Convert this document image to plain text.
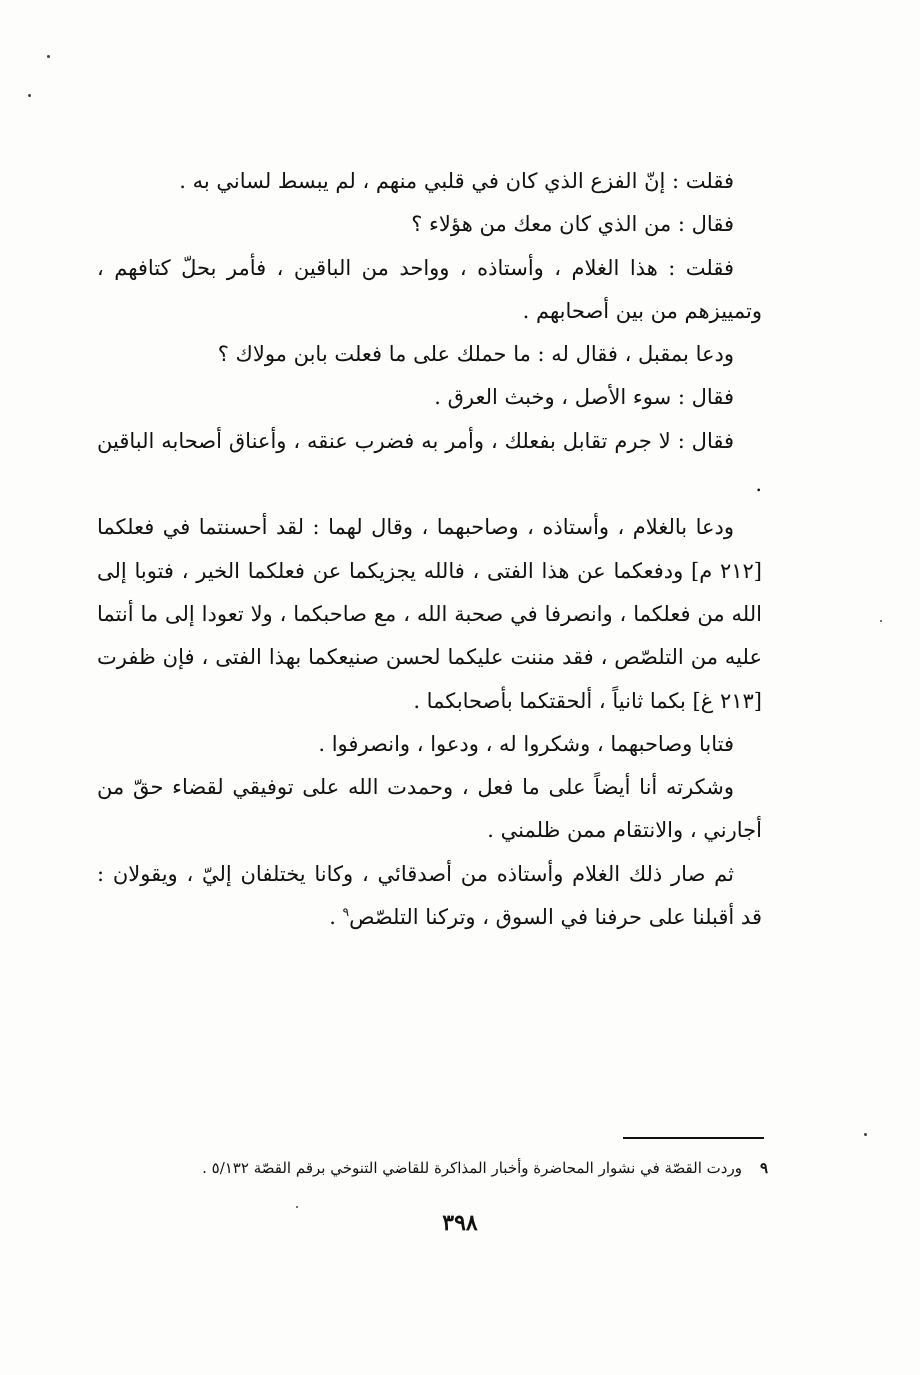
فقلت : إنّ الفزع الذي كان في قلبي منهم ، لم يبسط لساني به .

فقال : من الذي كان معك من هؤلاء ؟

فقلت : هذا الغلام ، وأستاذه ، وواحد من الباقين ، فأمر بحلّ كتافهم ، وتمييزهم من بين أصحابهم .

ودعا بمقبل ، فقال له : ما حملك على ما فعلت بابن مولاك ؟

فقال : سوء الأصل ، وخبث العرق .

فقال : لا جرم تقابل بفعلك ، وأمر به فضرب عنقه ، وأعناق أصحابه الباقين .

ودعا بالغلام ، وأستاذه ، وصاحبهما ، وقال لهما : لقد أحسنتما في فعلكما [٢١٢ م] ودفعكما عن هذا الفتى ، فالله يجزيكما عن فعلكما الخير ، فتوبا إلى الله من فعلكما ، وانصرفا في صحبة الله ، مع صاحبكما ، ولا تعودا إلى ما أنتما عليه من التلصّص ، فقد مننت عليكما لحسن صنيعكما بهذا الفتى ، فإن ظفرت [٢١٣ غ] بكما ثانياً ، ألحقتكما بأصحابكما .

فتابا وصاحبهما ، وشكروا له ، ودعوا ، وانصرفوا .

وشكرته أنا أيضاً على ما فعل ، وحمدت الله على توفيقي لقضاء حقّ من أجارني ، والانتقام ممن ظلمني .

ثم صار ذلك الغلام وأستاذه من أصدقائي ، وكانا يختلفان إليّ ، ويقولان : قد أقبلنا على حرفنا في السوق ، وتركنا التلصّص$^٩$ .

٩وردت القصّة في نشوار المحاضرة وأخبار المذاكرة للقاضي التنوخي برقم القصّة ٥/١٣٢ .
٣٩٨
